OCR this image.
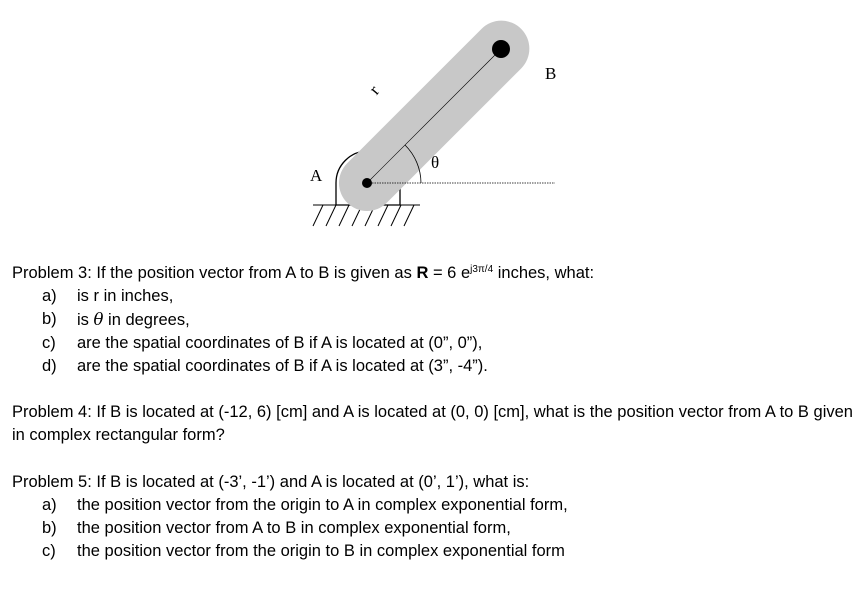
A
B
θ
r
Problem 3: If the position vector from A to B is given as R = 6 $e^{j3\pi/4}$ inches, what:
a) is r in inches,
b) is θ in degrees,
c) are the spatial coordinates of B if A is located at (0”, 0”),
d) are the spatial coordinates of B if A is located at (3”, -4”).
Problem 4: If B is located at (-12, 6) [cm] and A is located at (0, 0) [cm], what is the position vector from A to B given in complex rectangular form?
Problem 5: If B is located at (-3’, -1’) and A is located at (0’, 1’), what is:
a) the position vector from the origin to A in complex exponential form,
b) the position vector from A to B in complex exponential form,
c) the position vector from the origin to B in complex exponential form
